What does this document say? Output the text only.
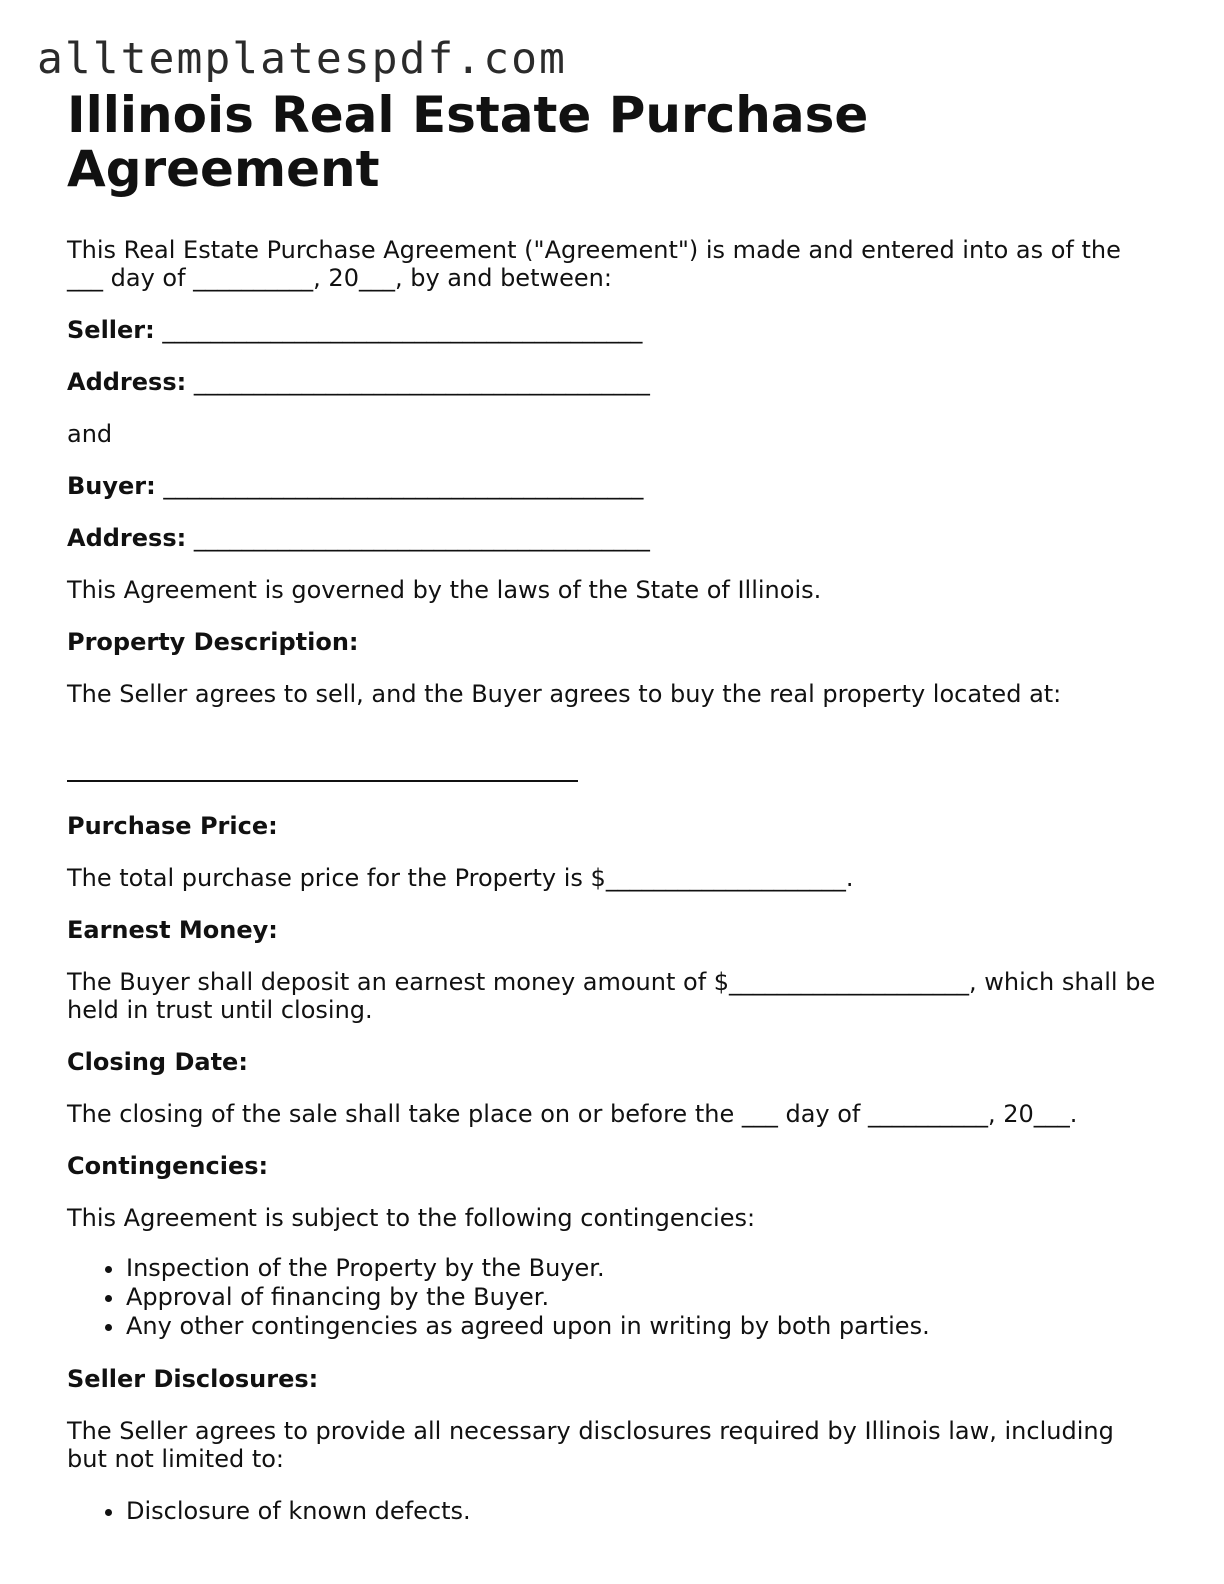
alltemplatespdf.com
Illinois Real Estate Purchase Agreement

This Real Estate Purchase Agreement ("Agreement") is made and entered into as of the ___ day of __________, 20___, by and between:

Seller: ________________________________________

Address: ______________________________________

and

Buyer: ________________________________________

Address: ______________________________________

This Agreement is governed by the laws of the State of Illinois.

Property Description:

The Seller agrees to sell, and the Buyer agrees to buy the real property located at:

Purchase Price:

The total purchase price for the Property is $____________________.

Earnest Money:

The Buyer shall deposit an earnest money amount of $____________________, which shall be held in trust until closing.

Closing Date:

The closing of the sale shall take place on or before the ___ day of __________, 20___.

Contingencies:

This Agreement is subject to the following contingencies:

• Inspection of the Property by the Buyer.
• Approval of financing by the Buyer.
• Any other contingencies as agreed upon in writing by both parties.

Seller Disclosures:

The Seller agrees to provide all necessary disclosures required by Illinois law, including but not limited to:

• Disclosure of known defects.
